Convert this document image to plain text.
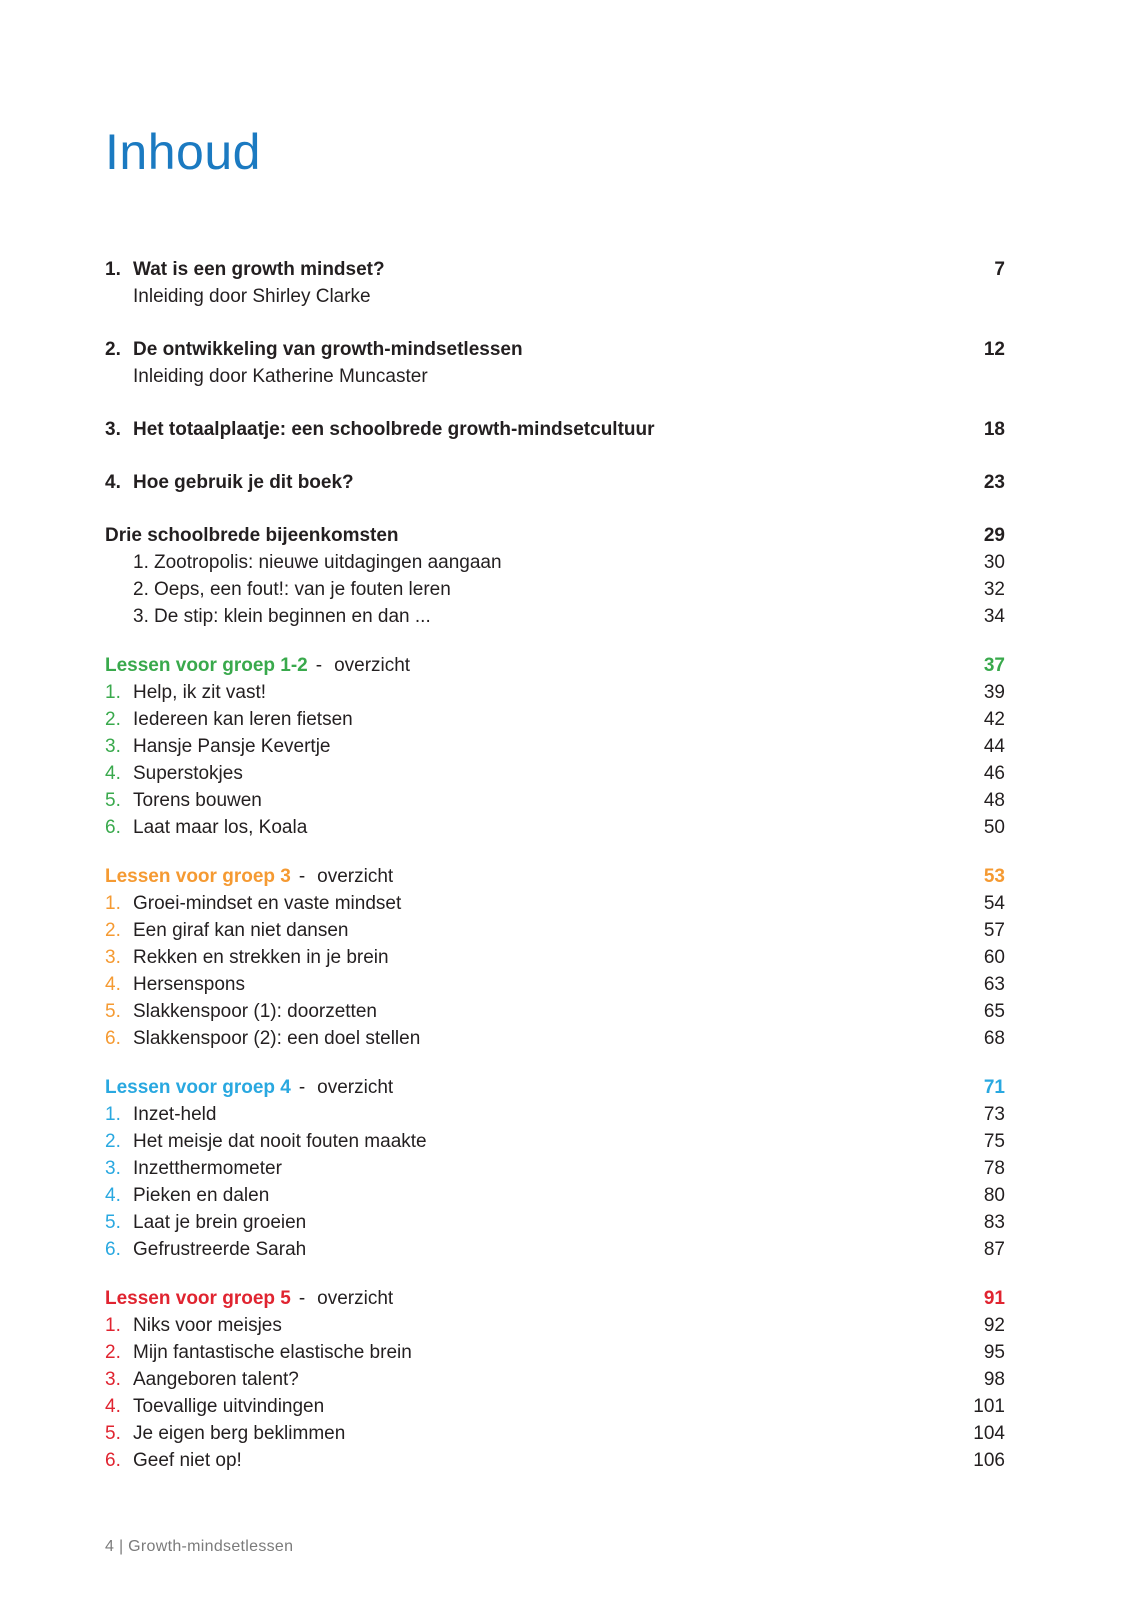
Inhoud
1. Wat is een growth mindset?	7
Inleiding door Shirley Clarke
2. De ontwikkeling van growth-mindsetlessen	12
Inleiding door Katherine Muncaster
3. Het totaalplaatje: een schoolbrede growth-mindsetcultuur	18
4. Hoe gebruik je dit boek?	23
Drie schoolbrede bijeenkomsten	29
1. Zootropolis: nieuwe uitdagingen aangaan	30
2. Oeps, een fout!: van je fouten leren	32
3. De stip: klein beginnen en dan ...	34
Lessen voor groep 1-2 - overzicht	37
1. Help, ik zit vast!	39
2. Iedereen kan leren fietsen	42
3. Hansje Pansje Kevertje	44
4. Superstokjes	46
5. Torens bouwen	48
6. Laat maar los, Koala	50
Lessen voor groep 3 - overzicht	53
1. Groei-mindset en vaste mindset	54
2. Een giraf kan niet dansen	57
3. Rekken en strekken in je brein	60
4. Hersenspons	63
5. Slakkenspoor (1): doorzetten	65
6. Slakkenspoor (2): een doel stellen	68
Lessen voor groep 4 - overzicht	71
1. Inzet-held	73
2. Het meisje dat nooit fouten maakte	75
3. Inzetthermometer	78
4. Pieken en dalen	80
5. Laat je brein groeien	83
6. Gefrustreerde Sarah	87
Lessen voor groep 5 - overzicht	91
1. Niks voor meisjes	92
2. Mijn fantastische elastische brein	95
3. Aangeboren talent?	98
4. Toevallige uitvindingen	101
5. Je eigen berg beklimmen	104
6. Geef niet op!	106
4 | Growth-mindsetlessen
